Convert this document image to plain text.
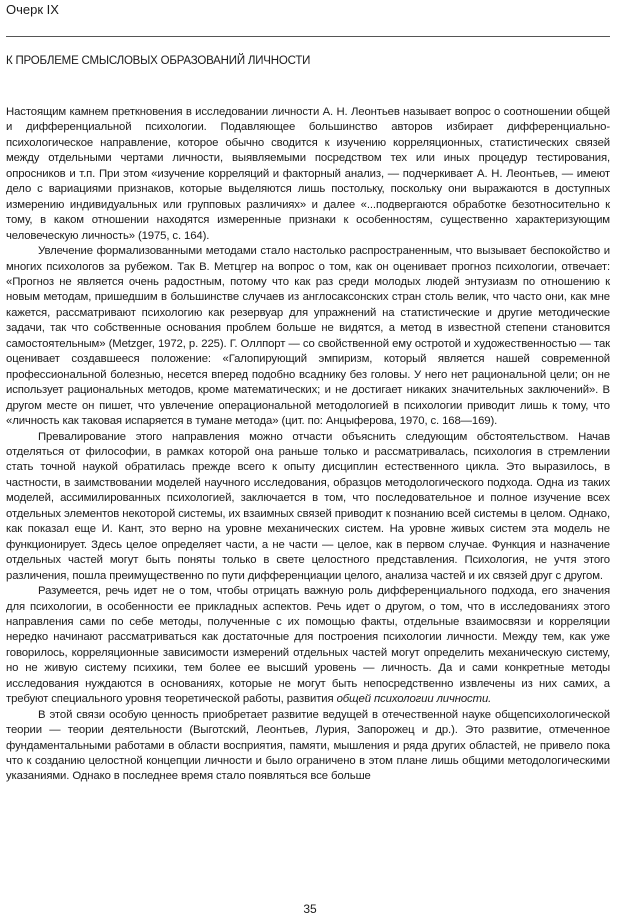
Очерк IX
К ПРОБЛЕМЕ СМЫСЛОВЫХ ОБРАЗОВАНИЙ ЛИЧНОСТИ

Настоящим камнем преткновения в исследовании личности А. Н. Леонтьев называет вопрос о соотношении общей и дифференциальной психологии. Подавляющее большинство авторов избирает дифференциально-психологическое направление, которое обычно сводится к изучению корреляционных, статистических связей между отдельными чертами личности, выявляемыми посредством тех или иных процедур тестирования, опросников и т.п. При этом «изучение корреляций и факторный анализ, — подчеркивает А. Н. Леонтьев, — имеют дело с вариациями признаков, которые выделяются лишь постольку, поскольку они выражаются в доступных измерению индивидуальных или групповых различиях» и далее «...подвергаются обработке безотносительно к тому, в каком отношении находятся измеренные признаки к особенностям, существенно характеризующим человеческую личность» (1975, с. 164).

Увлечение формализованными методами стало настолько распространенным, что вызывает беспокойство и многих психологов за рубежом. Так В. Метцгер на вопрос о том, как он оценивает прогноз психологии, отвечает: «Прогноз не является очень радостным, потому что как раз среди молодых людей энтузиазм по отношению к новым методам, пришедшим в большинстве случаев из англосаксонских стран столь велик, что часто они, как мне кажется, рассматривают психологию как резервуар для упражнений на статистические и другие методические задачи, так что собственные основания проблем больше не видятся, а метод в известной степени становится самостоятельным» (Metzger, 1972, p. 225). Г. Оллпорт — со свойственной ему остротой и художественностью — так оценивает создавшееся положение: «Галопирующий эмпиризм, который является нашей современной профессиональной болезнью, несется вперед подобно всаднику без головы. У него нет рациональной цели; он не использует рациональных методов, кроме математических; и не достигает никаких значительных заключений». В другом месте он пишет, что увлечение операциональной методологией в психологии приводит лишь к тому, что «личность как таковая испаряется в тумане метода» (цит. по: Анцыферова, 1970, с. 168—169).

Превалирование этого направления можно отчасти объяснить следующим обстоятельством. Начав отделяться от философии, в рамках которой она раньше только и рассматривалась, психология в стремлении стать точной наукой обратилась прежде всего к опыту дисциплин естественного цикла. Это выразилось, в частности, в заимствовании моделей научного исследования, образцов методологического подхода. Одна из таких моделей, ассимилированных психологией, заключается в том, что последовательное и полное изучение всех отдельных элементов некоторой системы, их взаимных связей приводит к познанию всей системы в целом. Однако, как показал еще И. Кант, это верно на уровне механических систем. На уровне живых систем эта модель не функционирует. Здесь целое определяет части, а не части — целое, как в первом случае. Функция и назначение отдельных частей могут быть поняты только в свете целостного представления. Психология, не учтя этого различения, пошла преимущественно по пути дифференциации целого, анализа частей и их связей друг с другом.

Разумеется, речь идет не о том, чтобы отрицать важную роль дифференциального подхода, его значения для психологии, в особенности ее прикладных аспектов. Речь идет о другом, о том, что в исследованиях этого направления сами по себе методы, полученные с их помощью факты, отдельные взаимосвязи и корреляции нередко начинают рассматриваться как достаточные для построения психологии личности. Между тем, как уже говорилось, корреляционные зависимости измерений отдельных частей могут определить механическую систему, но не живую систему психики, тем более ее высший уровень — личность. Да и сами конкретные методы исследования нуждаются в основаниях, которые не могут быть непосредственно извлечены из них самих, а требуют специального уровня теоретической работы, развития общей психологии личности.

В этой связи особую ценность приобретает развитие ведущей в отечественной науке общепсихологической теории — теории деятельности (Выготский, Леонтьев, Лурия, Запорожец и др.). Это развитие, отмеченное фундаментальными работами в области восприятия, памяти, мышления и ряда других областей, не привело пока что к созданию целостной концепции личности и было ограничено в этом плане лишь общими методологическими указаниями. Однако в последнее время стало появляться все больше

35
